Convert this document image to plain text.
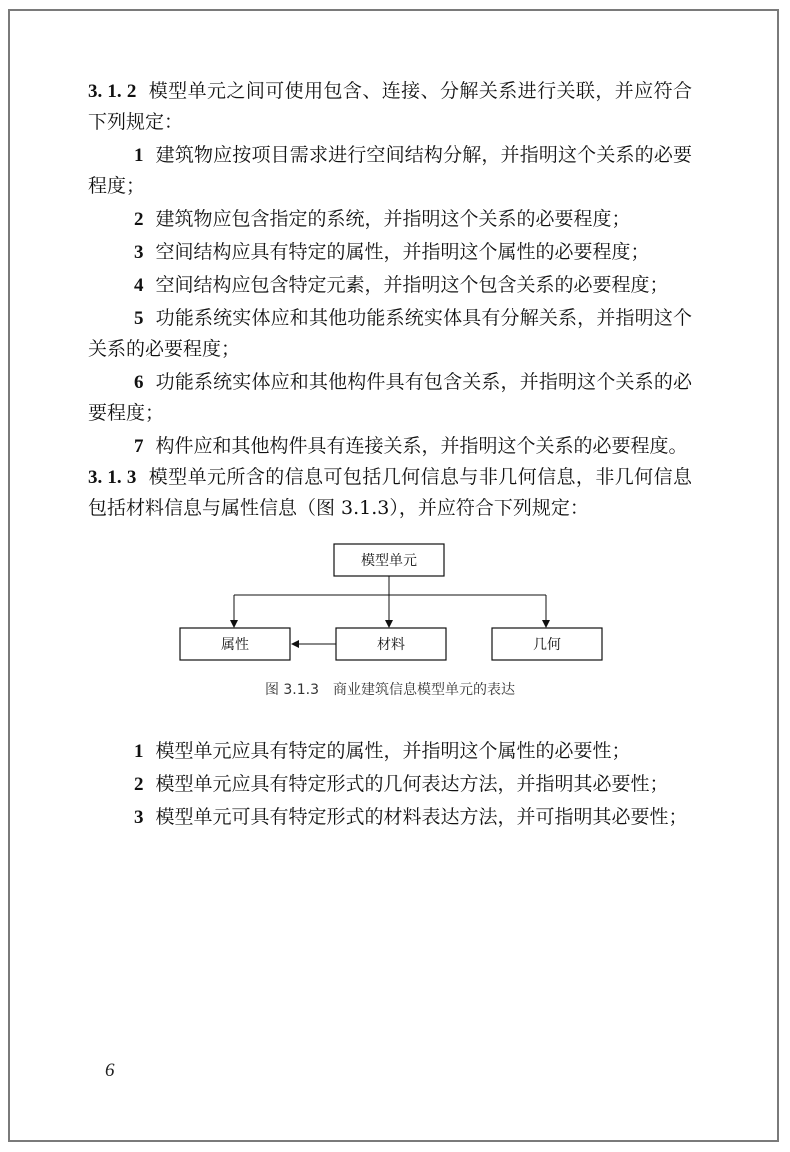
3. 1. 2 模型单元之间可使用包含、连接、分解关系进行关联，并应符合下列规定：

1 建筑物应按项目需求进行空间结构分解，并指明这个关系的必要程度；

2 建筑物应包含指定的系统，并指明这个关系的必要程度；

3 空间结构应具有特定的属性，并指明这个属性的必要程度；

4 空间结构应包含特定元素，并指明这个包含关系的必要程度；

5 功能系统实体应和其他功能系统实体具有分解关系，并指明这个关系的必要程度；

6 功能系统实体应和其他构件具有包含关系，并指明这个关系的必要程度；

7 构件应和其他构件具有连接关系，并指明这个关系的必要程度。

3. 1. 3 模型单元所含的信息可包括几何信息与非几何信息，非几何信息包括材料信息与属性信息（图 3.1.3），并应符合下列规定：

模型单元
属性	材料	几何
图 3.1.3　商业建筑信息模型单元的表达

1 模型单元应具有特定的属性，并指明这个属性的必要性；

2 模型单元应具有特定形式的几何表达方法，并指明其必要性；

3 模型单元可具有特定形式的材料表达方法，并可指明其必要性；

6
